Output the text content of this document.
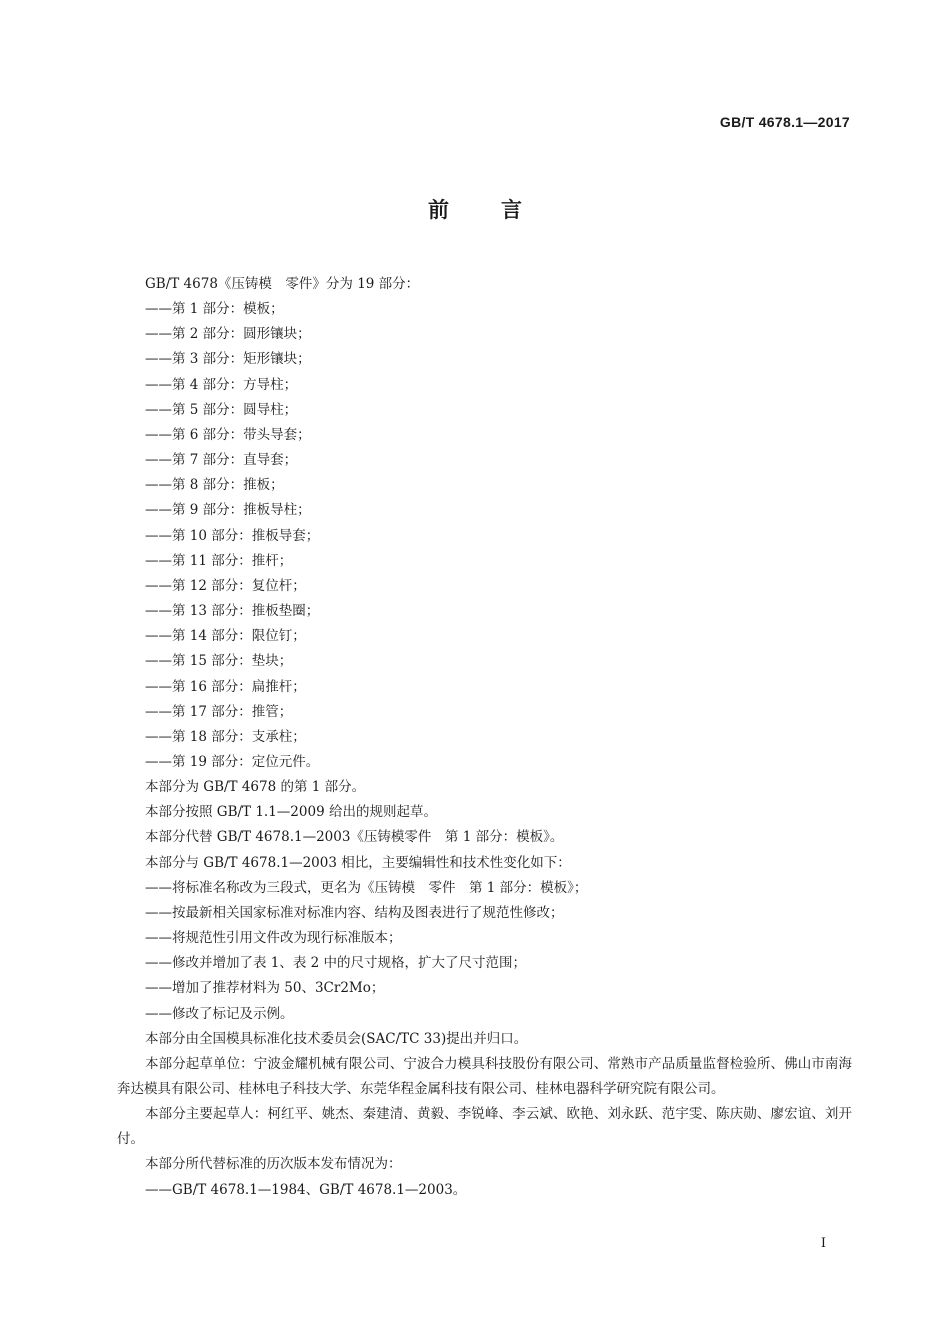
GB/T 4678.1—2017
前 言

GB/T 4678《压铸模　零件》分为 19 部分：

——第 1 部分：模板；

——第 2 部分：圆形镶块；

——第 3 部分：矩形镶块；

——第 4 部分：方导柱；

——第 5 部分：圆导柱；

——第 6 部分：带头导套；

——第 7 部分：直导套；

——第 8 部分：推板；

——第 9 部分：推板导柱；

——第 10 部分：推板导套；

——第 11 部分：推杆；

——第 12 部分：复位杆；

——第 13 部分：推板垫圈；

——第 14 部分：限位钉；

——第 15 部分：垫块；

——第 16 部分：扁推杆；

——第 17 部分：推管；

——第 18 部分：支承柱；

——第 19 部分：定位元件。

本部分为 GB/T 4678 的第 1 部分。

本部分按照 GB/T 1.1—2009 给出的规则起草。

本部分代替 GB/T 4678.1—2003《压铸模零件　第 1 部分：模板》。

本部分与 GB/T 4678.1—2003 相比，主要编辑性和技术性变化如下：

——将标准名称改为三段式，更名为《压铸模　零件　第 1 部分：模板》；

——按最新相关国家标准对标准内容、结构及图表进行了规范性修改；

——将规范性引用文件改为现行标准版本；

——修改并增加了表 1、表 2 中的尺寸规格，扩大了尺寸范围；

——增加了推荐材料为 50、3Cr2Mo；

——修改了标记及示例。

本部分由全国模具标准化技术委员会(SAC/TC 33)提出并归口。

本部分起草单位：宁波金耀机械有限公司、宁波合力模具科技股份有限公司、常熟市产品质量监督检验所、佛山市南海奔达模具有限公司、桂林电子科技大学、东莞华程金属科技有限公司、桂林电器科学研究院有限公司。

本部分主要起草人：柯红平、姚杰、秦建清、黄毅、李锐峰、李云斌、欧艳、刘永跃、范宇雯、陈庆勋、廖宏谊、刘开付。

本部分所代替标准的历次版本发布情况为：

——GB/T 4678.1—1984、GB/T 4678.1—2003。

I
